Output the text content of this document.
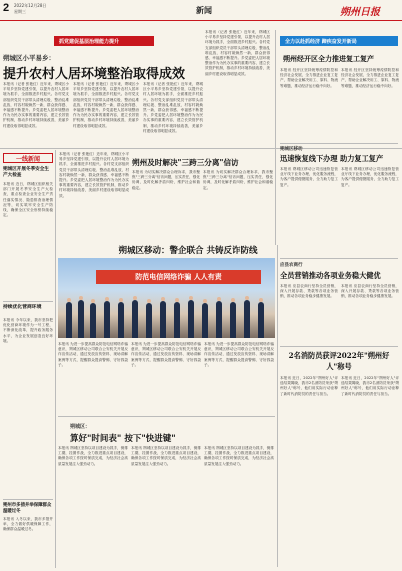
2 2022年12月28日
星期三	新闻	朔州日报
抓党建促基层治理能力提升
朔城区小平易乡：
提升农村人居环境整治取得成效
本报讯（记者 张艳红）近年来，朔城区小平易乡坚持党建引领，以提升农村人居环境为抓手，全面推进乡村振兴。各村党支部组织党员干部带头清理垃圾、整治乱堆乱放，村容村貌焕然一新，群众获得感、幸福感不断提升。乡党委把人居环境整治作为为民办实事的重要内容，建立长效管护机制，推动乡村环境持续改善，美丽乡村建设取得明显成效。
本报讯（记者 张艳红）近年来，朔城区小平易乡坚持党建引领，以提升农村人居环境为抓手，全面推进乡村振兴。各村党支部组织党员干部带头清理垃圾、整治乱堆乱放，村容村貌焕然一新，群众获得感、幸福感不断提升。乡党委把人居环境整治作为为民办实事的重要内容，建立长效管护机制，推动乡村环境持续改善，美丽乡村建设取得明显成效。
本报讯（记者 张艳红）近年来，朔城区小平易乡坚持党建引领，以提升农村人居环境为抓手，全面推进乡村振兴。各村党支部组织党员干部带头清理垃圾、整治乱堆乱放，村容村貌焕然一新，群众获得感、幸福感不断提升。乡党委把人居环境整治作为为民办实事的重要内容，建立长效管护机制，推动乡村环境持续改善，美丽乡村建设取得明显成效。
本报讯（记者 张艳红）近年来，朔城区小平易乡坚持党建引领，以提升农村人居环境为抓手，全面推进乡村振兴。各村党支部组织党员干部带头清理垃圾、整治乱堆乱放，村容村貌焕然一新，群众获得感、幸福感不断提升。乡党委把人居环境整治作为为民办实事的重要内容，建立长效管护机制，推动乡村环境持续改善，美丽乡村建设取得明显成效。
一线新闻
朔城区开展冬季安全生产大检查
本报讯 近日，朔城区组织相关部门开展冬季安全生产大检查，重点检查企业安全生产责任落实情况、隐患排查治理情况等，切实筑牢安全生产防线，确保全区安全形势持续稳定。
持续优化营商环境
本报讯 今年以来，我市坚持把优化营商环境作为一号工程，不断深化改革，提升政务服务水平，为企业发展创造良好环境。
朔州市多措并举保障群众温暖过冬
本报讯 入冬以来，我市多措并举，全力做好供暖保障工作，确保群众温暖过冬。
本报讯（记者 张艳红）近年来，朔城区小平易乡坚持党建引领，以提升农村人居环境为抓手，全面推进乡村振兴。各村党支部组织党员干部带头清理垃圾、整治乱堆乱放，村容村貌焕然一新，群众获得感、幸福感不断提升。乡党委把人居环境整治作为为民办实事的重要内容，建立长效管护机制，推动乡村环境持续改善，美丽乡村建设取得明显成效。
朔州及时解决"三跨三分离"信访
本报讯 为切实解决群众合理诉求，我市聚焦"三跨三分离"信访问题，压实责任，强化协调，及时化解矛盾纠纷，维护社会和谐稳定。
本报讯 为切实解决群众合理诉求，我市聚焦"三跨三分离"信访问题，压实责任，强化协调，及时化解矛盾纠纷，维护社会和谐稳定。
朔城区移动：警企联合 共铸反诈防线
防范电信网络诈骗 人人有责
本报讯 为进一步提高群众防范电信网络诈骗意识，朔城区移动公司联合公安机关开展反诈宣传活动，通过发放宣传资料、现场讲解案例等方式，提醒群众提高警惕、守好钱袋子。
本报讯 为进一步提高群众防范电信网络诈骗意识，朔城区移动公司联合公安机关开展反诈宣传活动，通过发放宣传资料、现场讲解案例等方式，提醒群众提高警惕、守好钱袋子。
本报讯 为进一步提高群众防范电信网络诈骗意识，朔城区移动公司联合公安机关开展反诈宣传活动，通过发放宣传资料、现场讲解案例等方式，提醒群众提高警惕、守好钱袋子。
朔城区：
算好"时间表" 按下"快进键"
本报讯 朔城区坚持以项目建设为抓手，倒排工期，挂图作战，全力推进重点项目建设，确保各项工作按时保质完成，为经济社会高质量发展注入强劲动力。
本报讯 朔城区坚持以项目建设为抓手，倒排工期，挂图作战，全力推进重点项目建设，确保各项工作按时保质完成，为经济社会高质量发展注入强劲动力。
本报讯 朔城区坚持以项目建设为抓手，倒排工期，挂图作战，全力推进重点项目建设，确保各项工作按时保质完成，为经济社会高质量发展注入强劲动力。
全力以赴抓经济 蹄疾奋发开新局
朔州经开区全力推进复工复产
本报讯 经开区坚持统筹疫情防控和经济社会发展，全力推进企业复工复产，帮助企业解决用工、原料、物流等难题，推动经济运行稳中向好。
本报讯 经开区坚持统筹疫情防控和经济社会发展，全力推进企业复工复产，帮助企业解决用工、原料、物流等难题，推动经济运行稳中向好。
朔城区移动
迅速恢复线下办理 助力复工复产
本报讯 朔城区移动公司迅速恢复营业厅线下业务办理，优化服务流程，为客户提供便捷服务，全力助力复工复产。
本报讯 朔城区移动公司迅速恢复营业厅线下业务办理，优化服务流程，为客户提供便捷服务，全力助力复工复产。
应县农商行
全员营销推动各项业务稳大健优
本报讯 应县农商行坚持全员营销，深入开展存款、贷款等各项业务营销，推动各项业务稳步健康发展。
本报讯 应县农商行坚持全员营销，深入开展存款、贷款等各项业务营销，推动各项业务稳步健康发展。
2名消防员获评2022年"朔州好人"称号
本报讯 近日，2022年"朔州好人"评选结果揭晓，我市2名消防员荣获"朔州好人"称号，他们用实际行动诠释了新时代消防员的责任与担当。
本报讯 近日，2022年"朔州好人"评选结果揭晓，我市2名消防员荣获"朔州好人"称号，他们用实际行动诠释了新时代消防员的责任与担当。
